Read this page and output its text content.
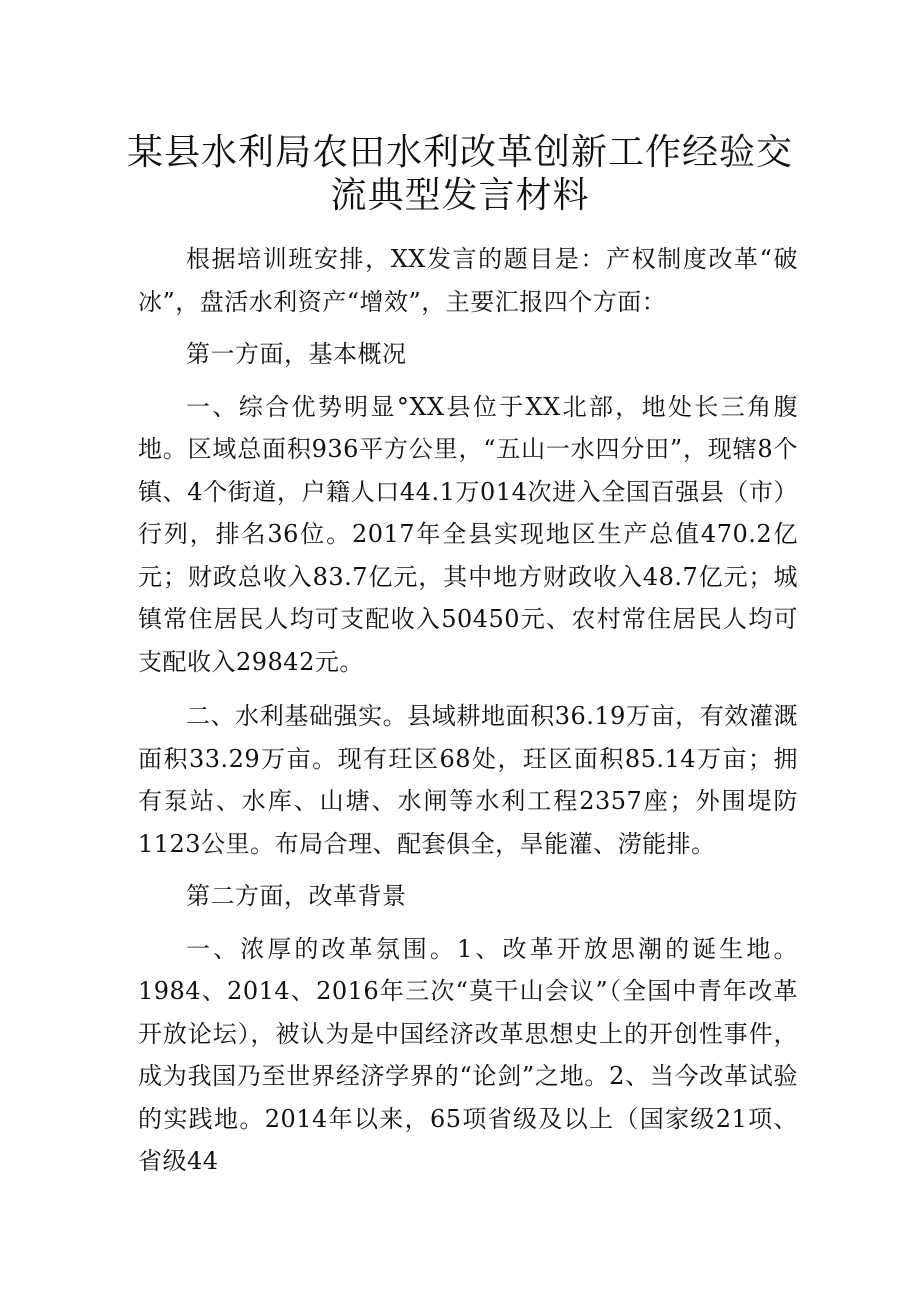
某县水利局农田水利改革创新工作经验交
流典型发言材料

根据培训班安排，XX发言的题目是：产权制度改革“破冰”，盘活水利资产“增效”，主要汇报四个方面：

第一方面，基本概况

一、综合优势明显°XX县位于XX北部，地处长三角腹地。区域总面积936平方公里，“五山一水四分田”，现辖8个镇、4个街道，户籍人口44.1万014次进入全国百强县（市）行列，排名36位。2017年全县实现地区生产总值470.2亿元；财政总收入83.7亿元，其中地方财政收入48.7亿元；城镇常住居民人均可支配收入50450元、农村常住居民人均可支配收入29842元。

二、水利基础强实。县域耕地面积36.19万亩，有效灌溉面积33.29万亩。现有玨区68处，玨区面积85.14万亩；拥有泵站、水库、山塘、水闸等水利工程2357座；外围堤防1123公里。布局合理、配套俱全，旱能灌、涝能排。

第二方面，改革背景

一、浓厚的改革氛围。1、改革开放思潮的诞生地。1984、2014、2016年三次“莫干山会议”（全国中青年改革开放论坛），被认为是中国经济改革思想史上的开创性事件，成为我国乃至世界经济学界的“论剑”之地。2、当今改革试验的实践地。2014年以来，65项省级及以上（国家级21项、省级44
